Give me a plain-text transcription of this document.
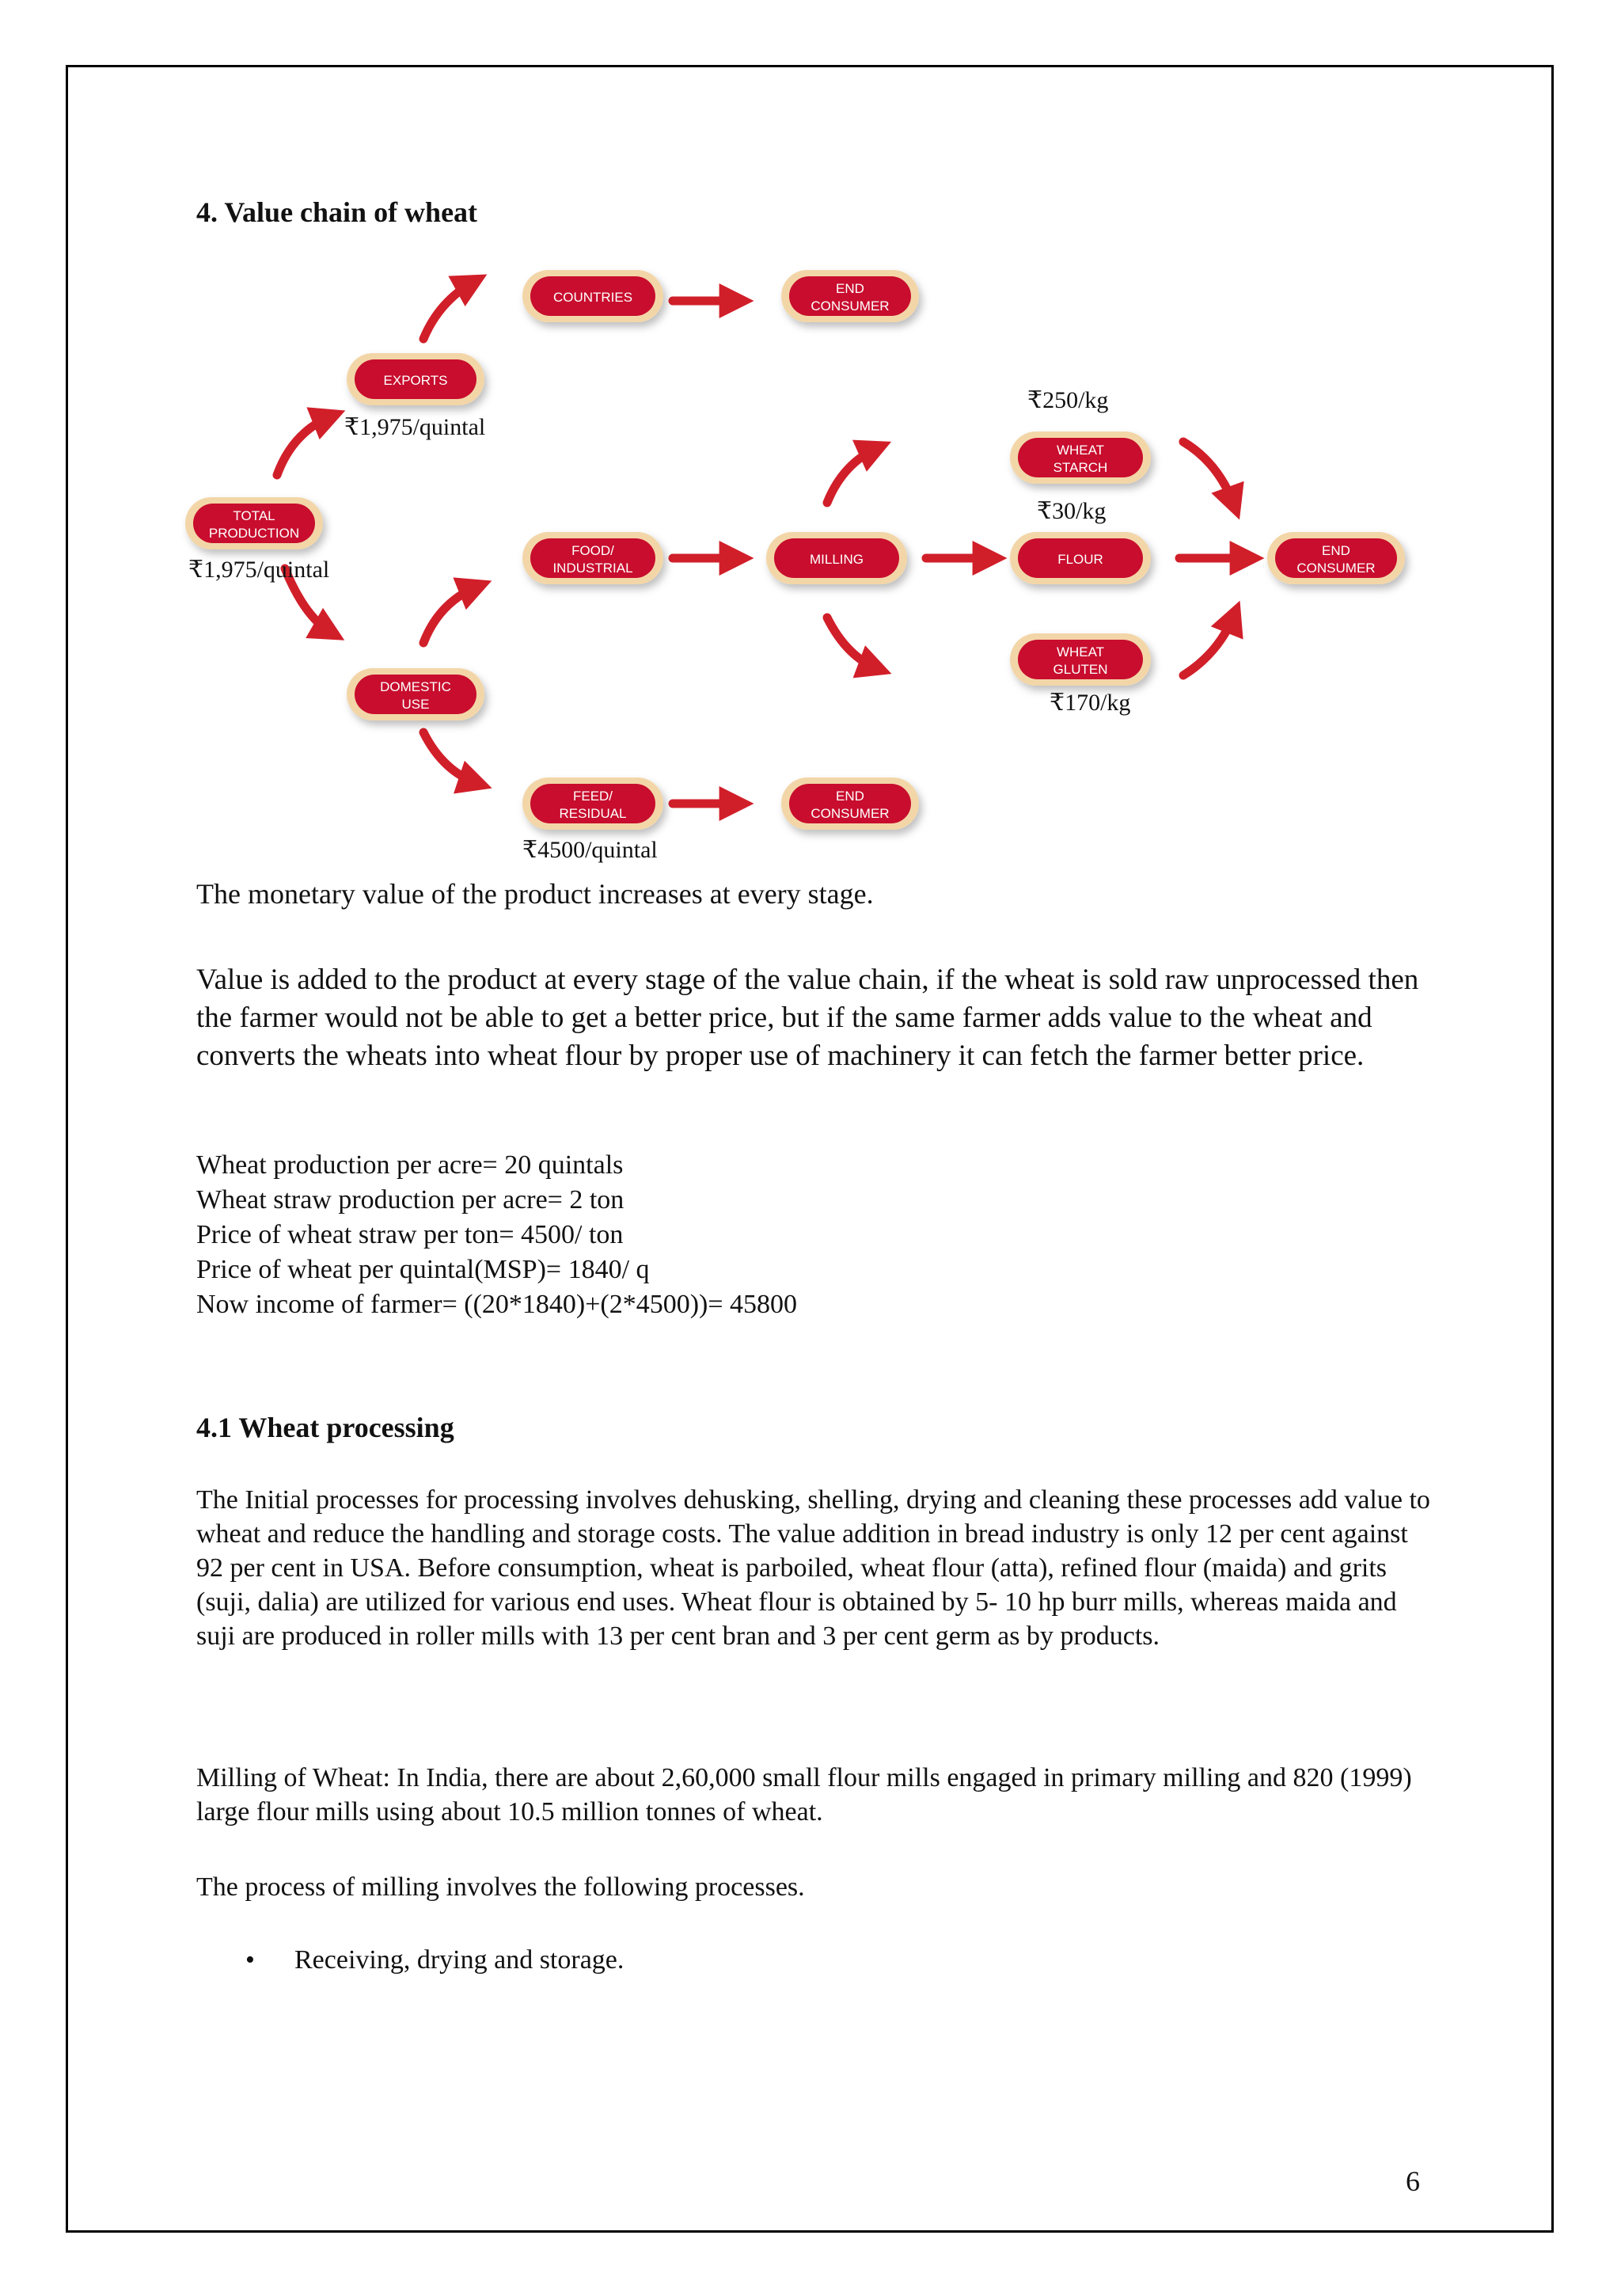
4. Value chain of wheat
TOTAL
PRODUCTION
EXPORTS
COUNTRIES
END
CONSUMER
DOMESTIC
USE
FOOD/
INDUSTRIAL
MILLING
FEED/
RESIDUAL
END
CONSUMER
WHEAT
STARCH
FLOUR
WHEAT
GLUTEN
END
CONSUMER
₹1,975/quintal
₹1,975/quintal
₹4500/quintal
₹250/kg
₹30/kg
₹170/kg
The monetary value of the product increases at every stage.
Value is added to the product at every stage of the value chain, if the wheat is sold raw unprocessed then the farmer would not be able to get a better price, but if the same farmer adds value to the wheat and converts the wheats into wheat flour by proper use of machinery it can fetch the farmer better price.
Wheat production per acre= 20 quintals
Wheat straw production per acre= 2 ton
Price of wheat straw per ton= 4500/ ton
Price of wheat per quintal(MSP)= 1840/ q
Now income of farmer= ((20*1840)+(2*4500))= 45800
4.1 Wheat processing
The Initial processes for processing involves dehusking, shelling, drying and cleaning these processes add value to wheat and reduce the handling and storage costs. The value addition in bread industry is only 12 per cent against 92 per cent in USA. Before consumption, wheat is parboiled, wheat flour (atta), refined flour (maida) and grits (suji, dalia) are utilized for various end uses. Wheat flour is obtained by 5- 10 hp burr mills, whereas maida and suji are produced in roller mills with 13 per cent bran and 3 per cent germ as by products.
Milling of Wheat: In India, there are about 2,60,000 small flour mills engaged in primary milling and 820 (1999) large flour mills using about 10.5 million tonnes of wheat.
The process of milling involves the following processes.
• Receiving, drying and storage.
6
